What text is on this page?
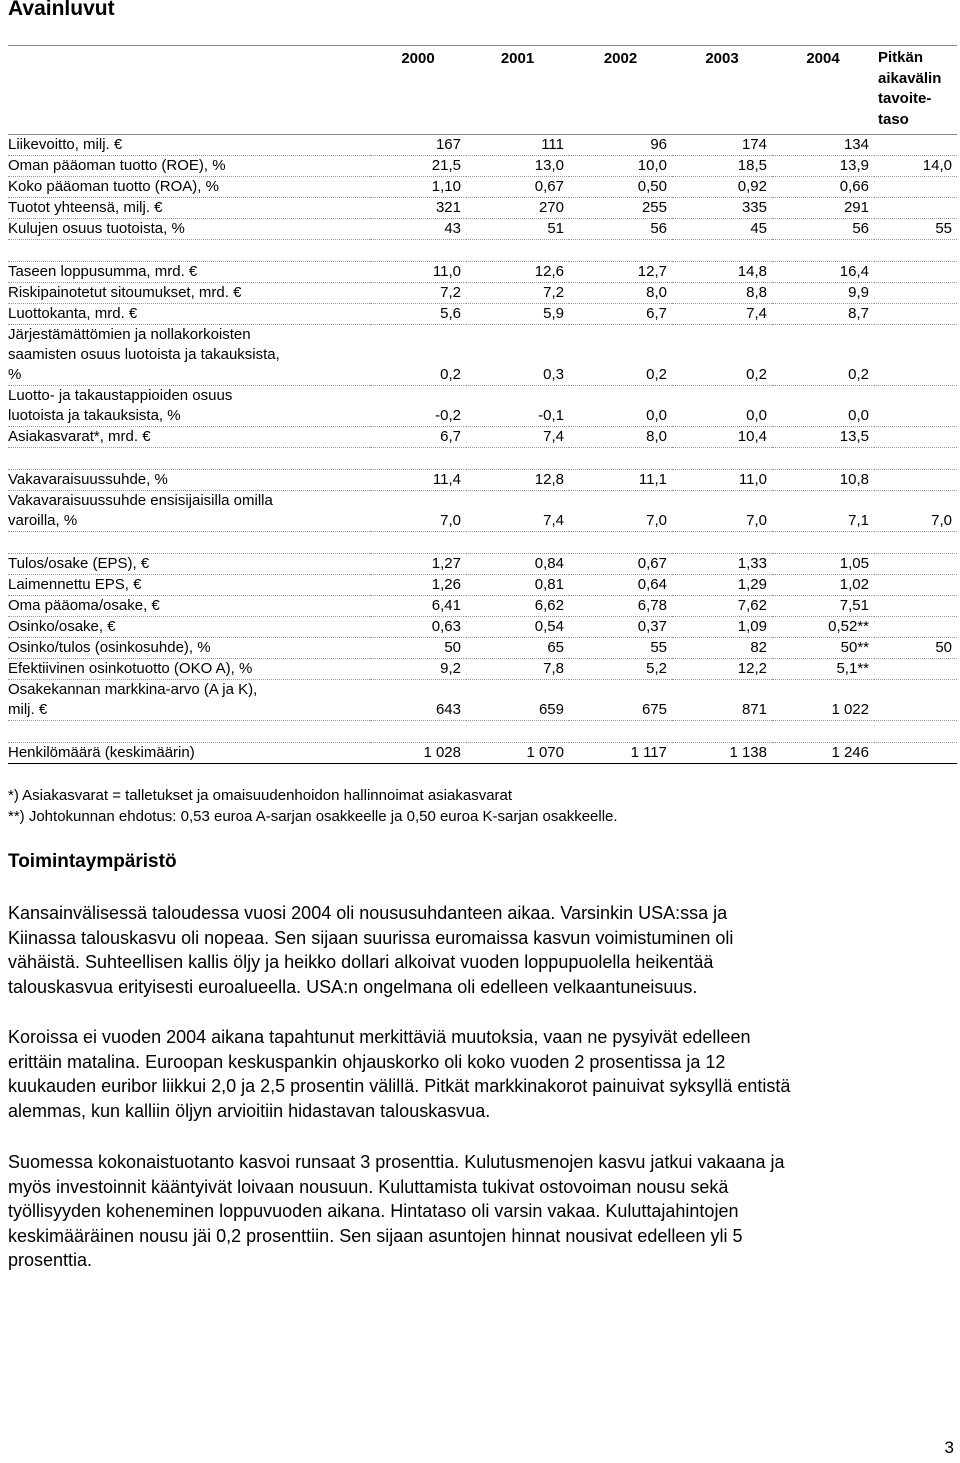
Avainluvut
	2000	2001	2002	2003	2004	Pitkän
aikavälin
tavoite-
taso

Liikevoitto, milj. €	167	111	96	174	134	

Oman pääoman tuotto (ROE), %	21,5	13,0	10,0	18,5	13,9	14,0

Koko pääoman tuotto (ROA), %	1,10	0,67	0,50	0,92	0,66	

Tuotot yhteensä, milj. €	321	270	255	335	291	

Kulujen osuus tuotoista, %	43	51	56	45	56	55

Taseen loppusumma, mrd. €	11,0	12,6	12,7	14,8	16,4	

Riskipainotetut sitoumukset, mrd. €	7,2	7,2	8,0	8,8	9,9	

Luottokanta, mrd. €	5,6	5,9	6,7	7,4	8,7	

Järjestämättömien ja nollakorkoisten
saamisten osuus luotoista ja takauksista,
%	0,2	0,3	0,2	0,2	0,2	

Luotto- ja takaustappioiden osuus
luotoista ja takauksista, %	-0,2	-0,1	0,0	0,0	0,0	

Asiakasvarat*, mrd. €	6,7	7,4	8,0	10,4	13,5	

Vakavaraisuussuhde, %	11,4	12,8	11,1	11,0	10,8	

Vakavaraisuussuhde ensisijaisilla omilla
varoilla, %	7,0	7,4	7,0	7,0	7,1	7,0

Tulos/osake (EPS), €	1,27	0,84	0,67	1,33	1,05	

Laimennettu EPS, €	1,26	0,81	0,64	1,29	1,02	

Oma pääoma/osake, €	6,41	6,62	6,78	7,62	7,51	

Osinko/osake, €	0,63	0,54	0,37	1,09	0,52**	

Osinko/tulos (osinkosuhde), %	50	65	55	82	50**	50

Efektiivinen osinkotuotto (OKO A), %	9,2	7,8	5,2	12,2	5,1**	

Osakekannan markkina-arvo (A ja K),
milj. €	643	659	675	871	1 022	

Henkilömäärä (keskimäärin)	1 028	1 070	1 117	1 138	1 246	
*) Asiakasvarat = talletukset ja omaisuudenhoidon hallinnoimat asiakasvarat
**) Johtokunnan ehdotus: 0,53 euroa A-sarjan osakkeelle ja 0,50 euroa K-sarjan osakkeelle.
Toimintaympäristö

Kansainvälisessä taloudessa vuosi 2004 oli noususuhdanteen aikaa. Varsinkin USA:ssa ja
Kiinassa talouskasvu oli nopeaa. Sen sijaan suurissa euromaissa kasvun voimistuminen oli
vähäistä. Suhteellisen kallis öljy ja heikko dollari alkoivat vuoden loppupuolella heikentää
talouskasvua erityisesti euroalueella. USA:n ongelmana oli edelleen velkaantuneisuus.

Koroissa ei vuoden 2004 aikana tapahtunut merkittäviä muutoksia, vaan ne pysyivät edelleen
erittäin matalina. Euroopan keskuspankin ohjauskorko oli koko vuoden 2 prosentissa ja 12
kuukauden euribor liikkui 2,0 ja 2,5 prosentin välillä. Pitkät markkinakorot painuivat syksyllä entistä
alemmas, kun kalliin öljyn arvioitiin hidastavan talouskasvua.

Suomessa kokonaistuotanto kasvoi runsaat 3 prosenttia. Kulutusmenojen kasvu jatkui vakaana ja
myös investoinnit kääntyivät loivaan nousuun. Kuluttamista tukivat ostovoiman nousu sekä
työllisyyden koheneminen loppuvuoden aikana. Hintataso oli varsin vakaa. Kuluttajahintojen
keskimääräinen nousu jäi 0,2 prosenttiin. Sen sijaan asuntojen hinnat nousivat edelleen yli 5
prosenttia.

3
